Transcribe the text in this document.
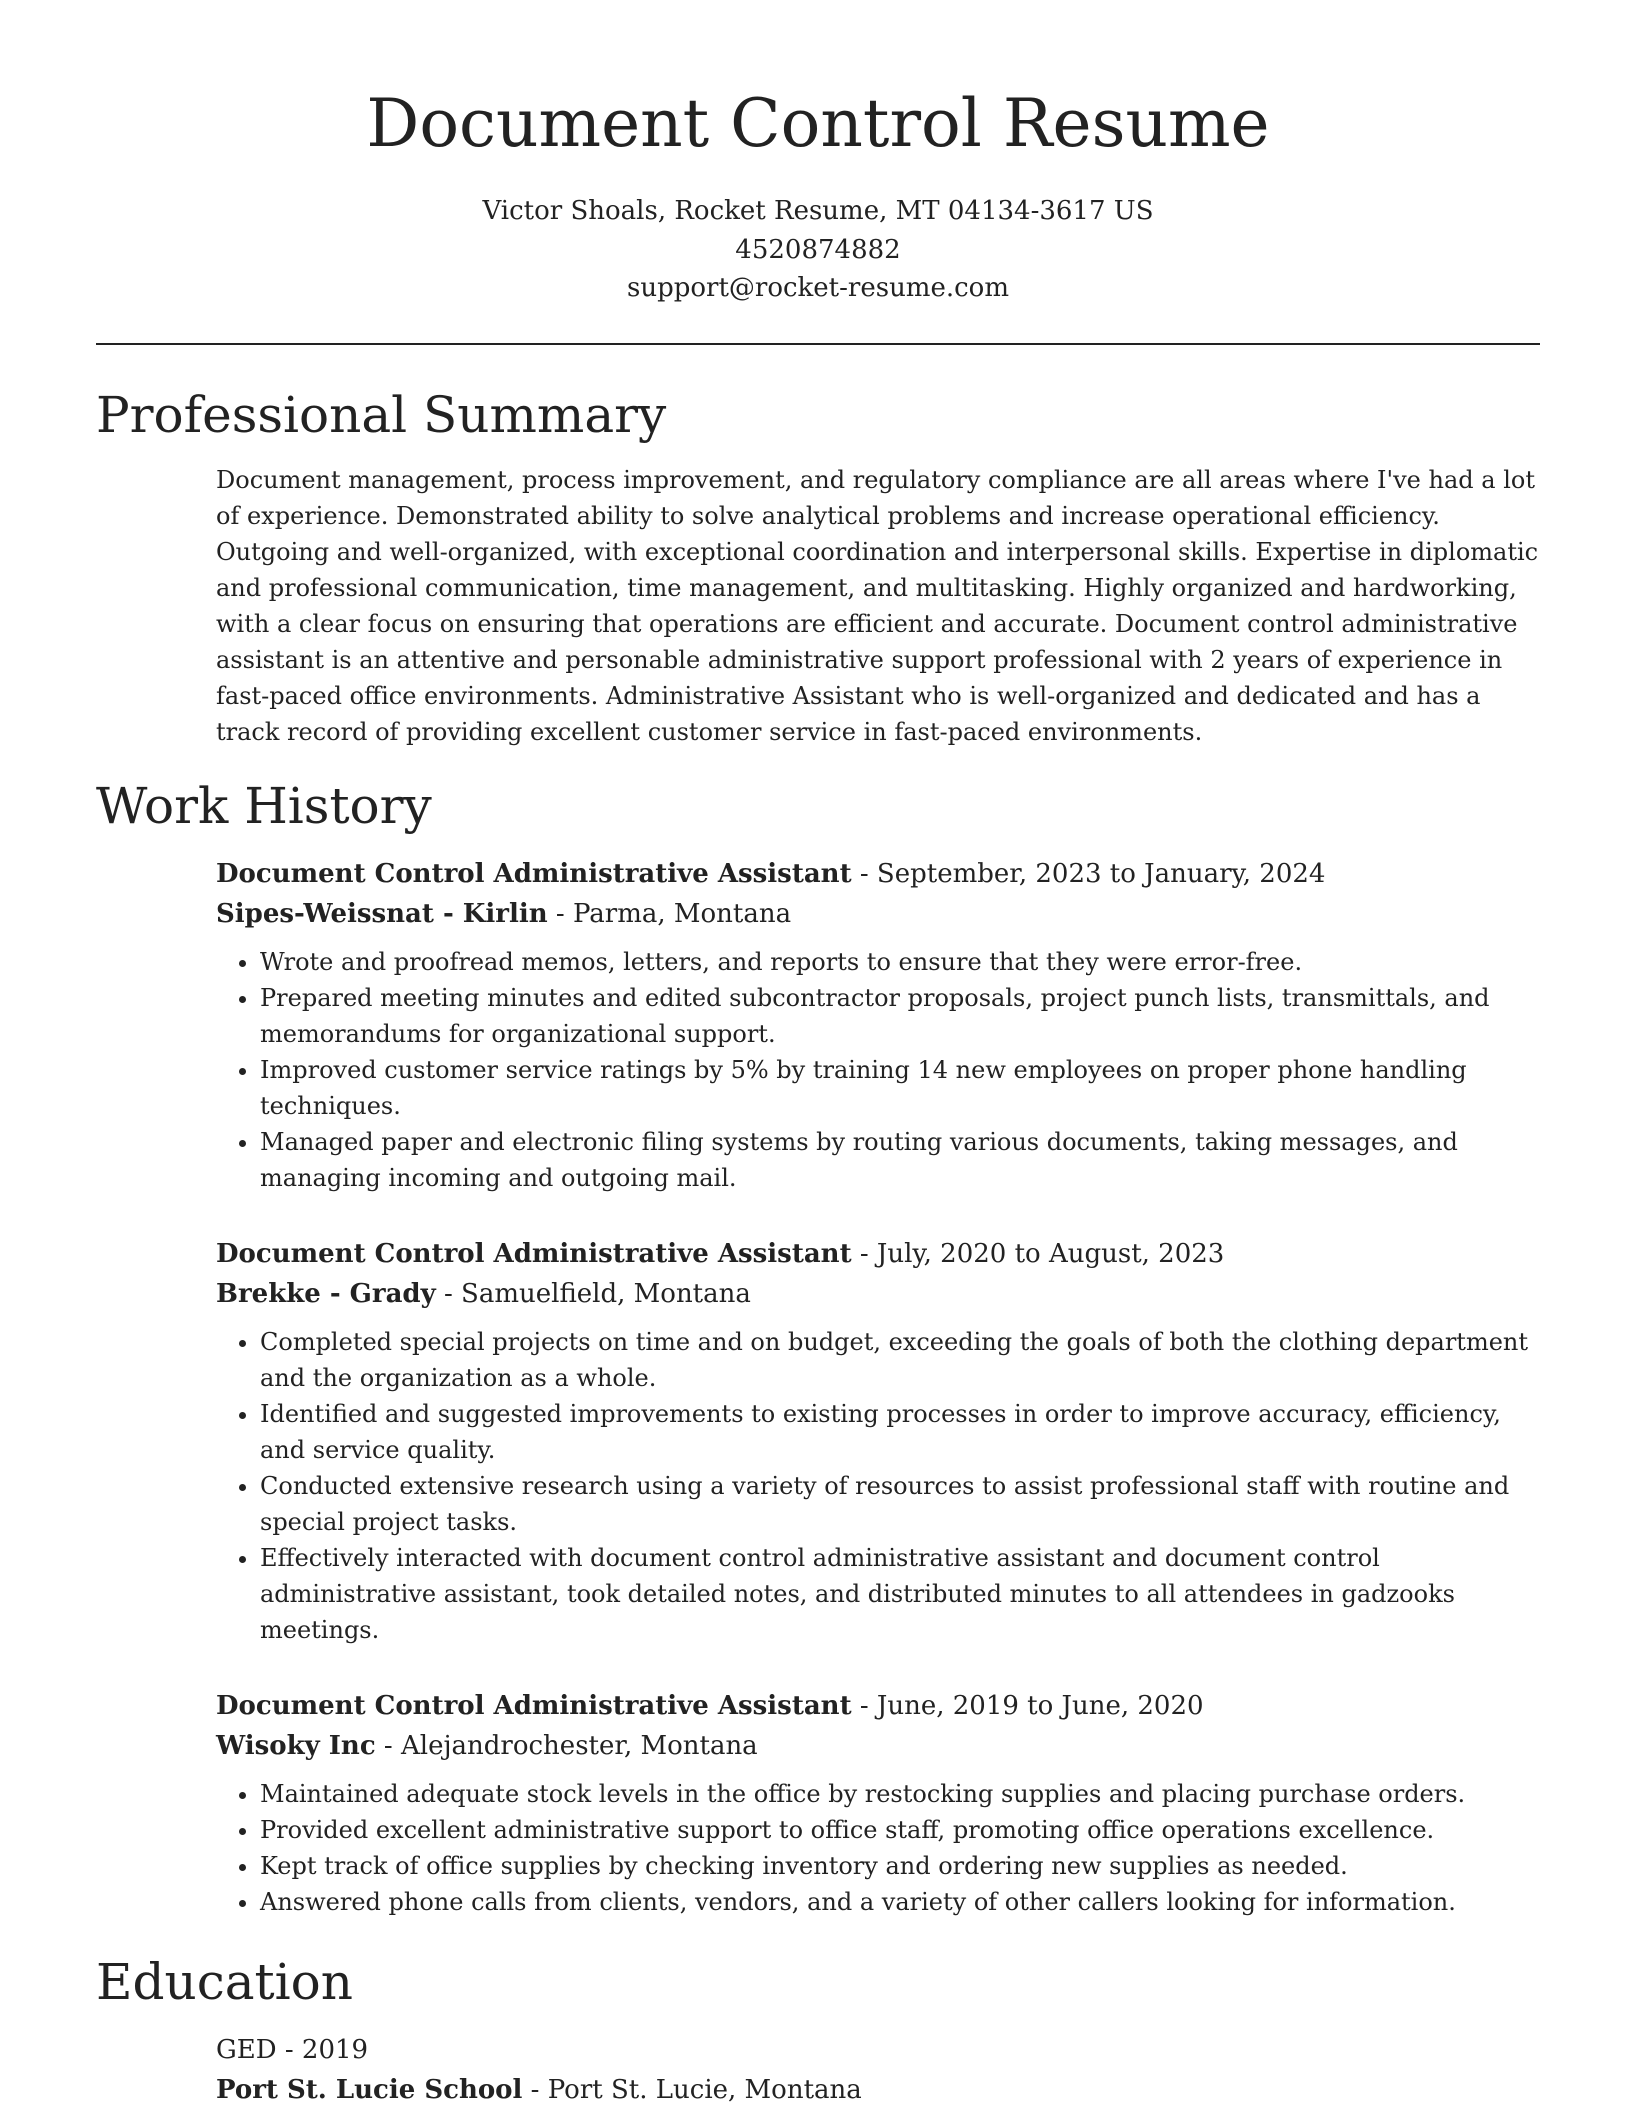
Document Control Resume
Victor Shoals, Rocket Resume, MT 04134-3617 US
4520874882
support@rocket-resume.com
Professional Summary

Document management, process improvement, and regulatory compliance are all areas where I've had a lot of experience. Demonstrated ability to solve analytical problems and increase operational efficiency. Outgoing and well-organized, with exceptional coordination and interpersonal skills. Expertise in diplomatic and professional communication, time management, and multitasking. Highly organized and hardworking, with a clear focus on ensuring that operations are efficient and accurate. Document control administrative assistant is an attentive and personable administrative support professional with 2 years of experience in fast-paced office environments. Administrative Assistant who is well-organized and dedicated and has a track record of providing excellent customer service in fast-paced environments.

Work History

Document Control Administrative Assistant - September, 2023 to January, 2024

Sipes-Weissnat - Kirlin - Parma, Montana

• Wrote and proofread memos, letters, and reports to ensure that they were error-free.
• Prepared meeting minutes and edited subcontractor proposals, project punch lists, transmittals, and memorandums for organizational support.
• Improved customer service ratings by 5% by training 14 new employees on proper phone handling techniques.
• Managed paper and electronic filing systems by routing various documents, taking messages, and managing incoming and outgoing mail.

Document Control Administrative Assistant - July, 2020 to August, 2023

Brekke - Grady - Samuelfield, Montana

• Completed special projects on time and on budget, exceeding the goals of both the clothing department and the organization as a whole.
• Identified and suggested improvements to existing processes in order to improve accuracy, efficiency, and service quality.
• Conducted extensive research using a variety of resources to assist professional staff with routine and special project tasks.
• Effectively interacted with document control administrative assistant and document control administrative assistant, took detailed notes, and distributed minutes to all attendees in gadzooks meetings.

Document Control Administrative Assistant - June, 2019 to June, 2020

Wisoky Inc - Alejandrochester, Montana

• Maintained adequate stock levels in the office by restocking supplies and placing purchase orders.
• Provided excellent administrative support to office staff, promoting office operations excellence.
• Kept track of office supplies by checking inventory and ordering new supplies as needed.
• Answered phone calls from clients, vendors, and a variety of other callers looking for information.
Education

GED - 2019

Port St. Lucie School - Port St. Lucie, Montana
